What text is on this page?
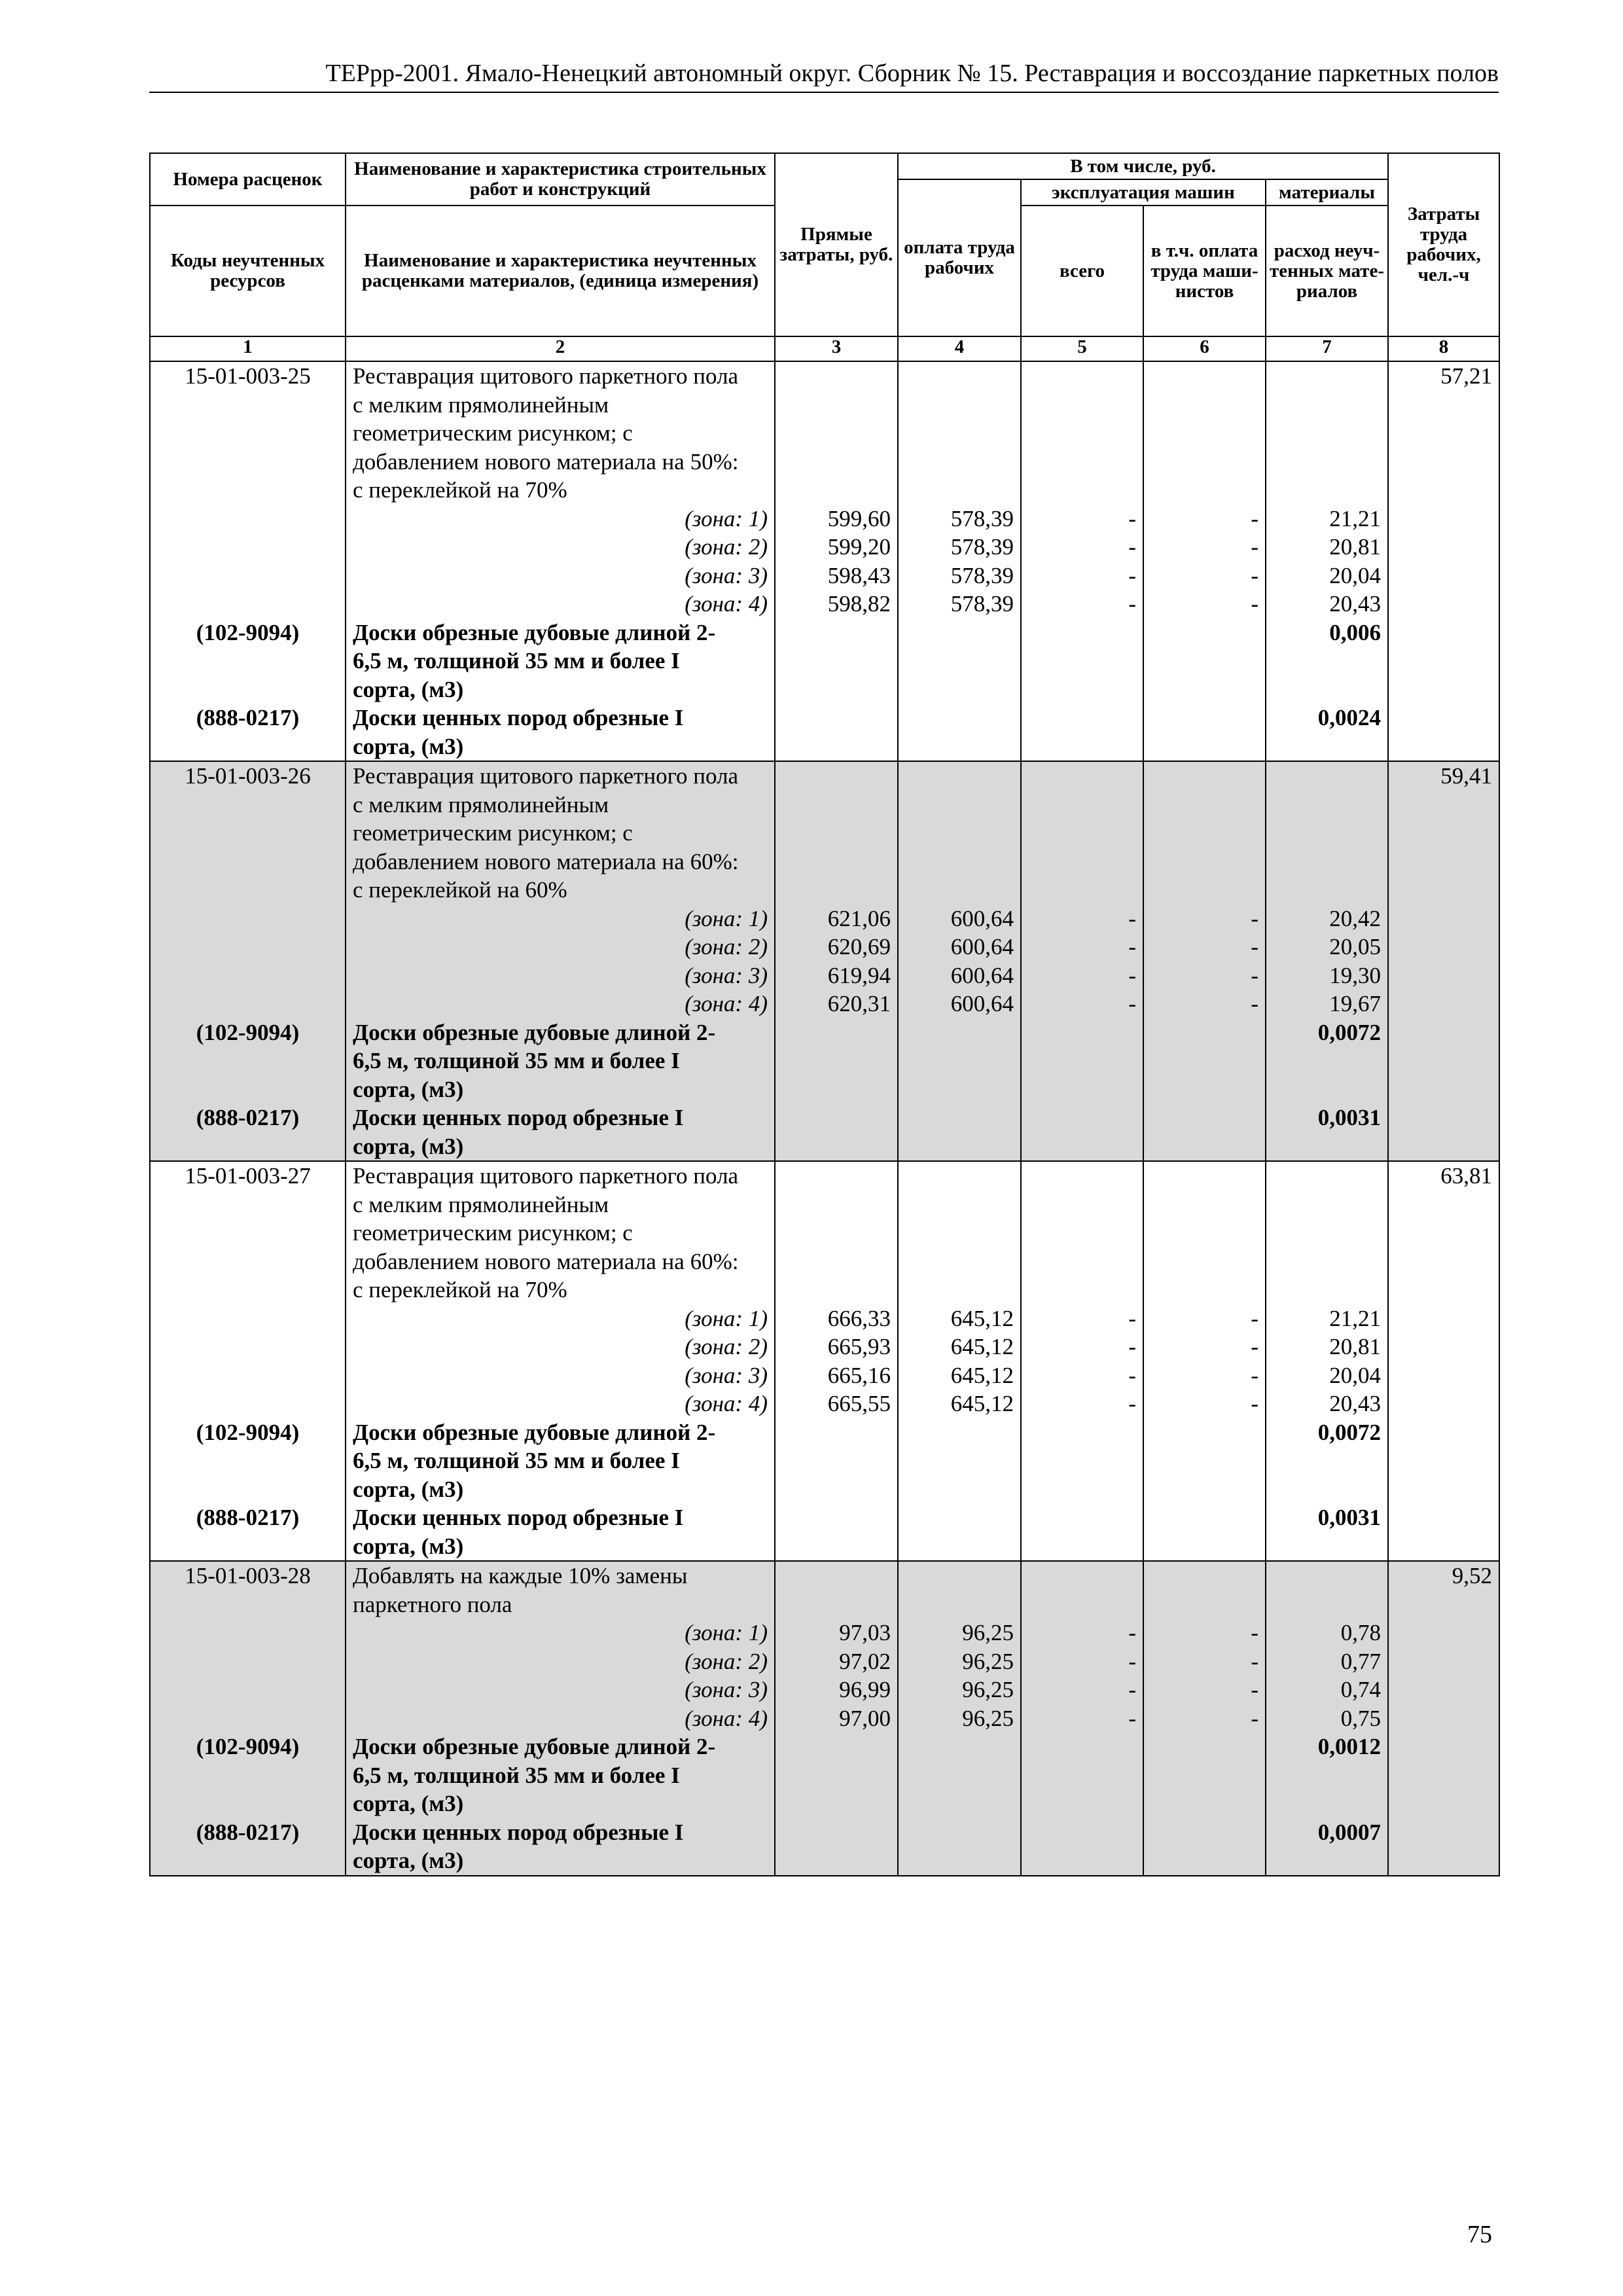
ТЕРрр-2001. Ямало-Ненецкий автономный округ. Сборник № 15. Реставрация и воссоздание паркетных полов
Номера расценок	Наименование и характеристика строительных работ и конструкций	Прямые затраты, руб.	В том числе, руб.				Затраты труда рабочих, чел.-ч
			оплата труда рабочих	эксплуатация машин		материалы	
Коды неучтенных ресурсов	Наименование и характеристика неучтенных расценками материалов, (единица измерения)			всего	в т.ч. оплата труда маши-нистов	расход неуч-тенных мате-риалов	
1	2	3	4	5	6	7	8
15-01-003-25	Реставрация щитового паркетного пола						57,21
	с мелким прямолинейным						
	геометрическим рисунком; с						
	добавлением нового материала на 50%:						
	с переклейкой на 70%						
	(зона: 1)	599,60	578,39	-	-	21,21	
	(зона: 2)	599,20	578,39	-	-	20,81	
	(зона: 3)	598,43	578,39	-	-	20,04	
	(зона: 4)	598,82	578,39	-	-	20,43	
(102-9094)	Доски обрезные дубовые длиной 2-					0,006	
	6,5 м, толщиной 35 мм и более I						
	сорта, (м3)						
(888-0217)	Доски ценных пород обрезные I					0,0024	
	сорта, (м3)						
15-01-003-26	Реставрация щитового паркетного пола						59,41
	с мелким прямолинейным						
	геометрическим рисунком; с						
	добавлением нового материала на 60%:						
	с переклейкой на 60%						
	(зона: 1)	621,06	600,64	-	-	20,42	
	(зона: 2)	620,69	600,64	-	-	20,05	
	(зона: 3)	619,94	600,64	-	-	19,30	
	(зона: 4)	620,31	600,64	-	-	19,67	
(102-9094)	Доски обрезные дубовые длиной 2-					0,0072	
	6,5 м, толщиной 35 мм и более I						
	сорта, (м3)						
(888-0217)	Доски ценных пород обрезные I					0,0031	
	сорта, (м3)						
15-01-003-27	Реставрация щитового паркетного пола						63,81
	с мелким прямолинейным						
	геометрическим рисунком; с						
	добавлением нового материала на 60%:						
	с переклейкой на 70%						
	(зона: 1)	666,33	645,12	-	-	21,21	
	(зона: 2)	665,93	645,12	-	-	20,81	
	(зона: 3)	665,16	645,12	-	-	20,04	
	(зона: 4)	665,55	645,12	-	-	20,43	
(102-9094)	Доски обрезные дубовые длиной 2-					0,0072	
	6,5 м, толщиной 35 мм и более I						
	сорта, (м3)						
(888-0217)	Доски ценных пород обрезные I					0,0031	
	сорта, (м3)						
15-01-003-28	Добавлять на каждые 10% замены						9,52
	паркетного пола						
	(зона: 1)	97,03	96,25	-	-	0,78	
	(зона: 2)	97,02	96,25	-	-	0,77	
	(зона: 3)	96,99	96,25	-	-	0,74	
	(зона: 4)	97,00	96,25	-	-	0,75	
(102-9094)	Доски обрезные дубовые длиной 2-					0,0012	
	6,5 м, толщиной 35 мм и более I						
	сорта, (м3)						
(888-0217)	Доски ценных пород обрезные I					0,0007	
	сорта, (м3)						
75
